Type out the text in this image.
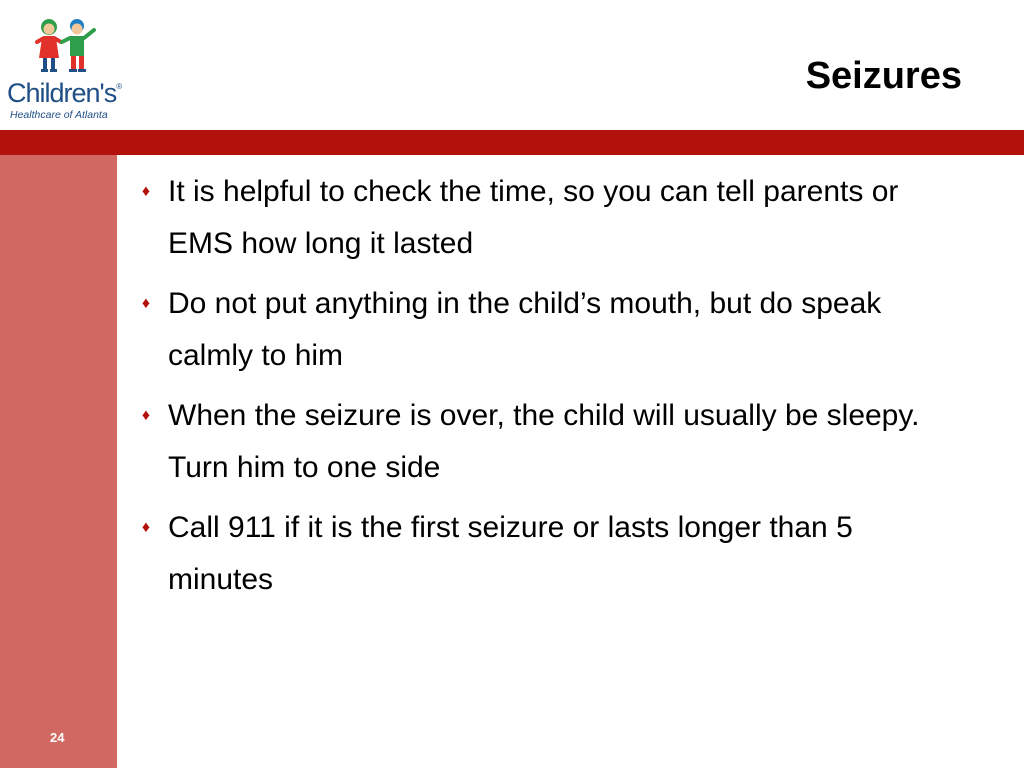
Children's®
Healthcare of Atlanta
Seizures
24
♦ It is helpful to check the time, so you can tell parents or EMS how long it lasted
♦ Do not put anything in the child’s mouth, but do speak calmly to him
♦ When the seizure is over, the child will usually be sleepy. Turn him to one side
♦ Call 911 if it is the first seizure or lasts longer than 5 minutes
